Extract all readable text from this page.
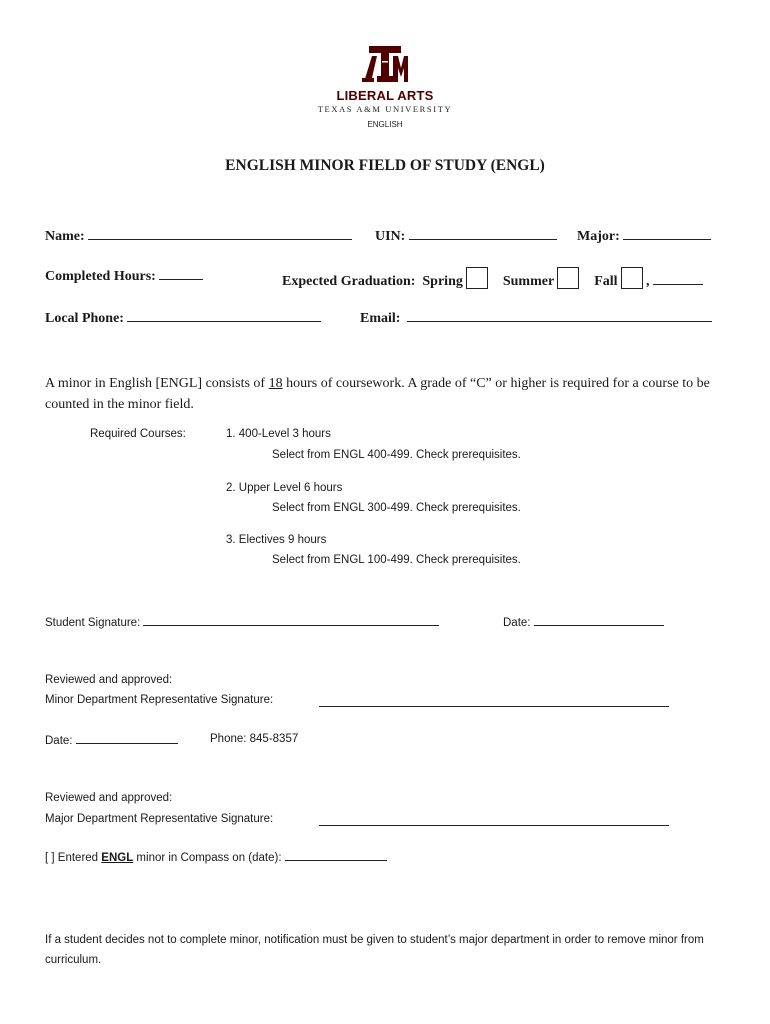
LIBERAL ARTS
TEXAS A&M UNIVERSITY
ENGLISH
ENGLISH MINOR FIELD OF STUDY (ENGL)
Name:	UIN:	Major:
Completed Hours:	Expected Graduation: Spring	Summer	Fall ,
Local Phone:	Email:
A minor in English [ENGL] consists of 18 hours of coursework. A grade of “C” or higher is required for a course to be counted in the minor field.
Required Courses:	1. 400-Level 3 hours
Select from ENGL 400-499. Check prerequisites.
2. Upper Level 6 hours
Select from ENGL 300-499. Check prerequisites.
3. Electives 9 hours
Select from ENGL 100-499. Check prerequisites.
Student Signature:	Date:
Reviewed and approved:
Minor Department Representative Signature:
Date:	Phone: 845-8357
Reviewed and approved:
Major Department Representative Signature:
[ ] Entered ENGL minor in Compass on (date):
If a student decides not to complete minor, notification must be given to student’s major department in order to remove minor from curriculum.
